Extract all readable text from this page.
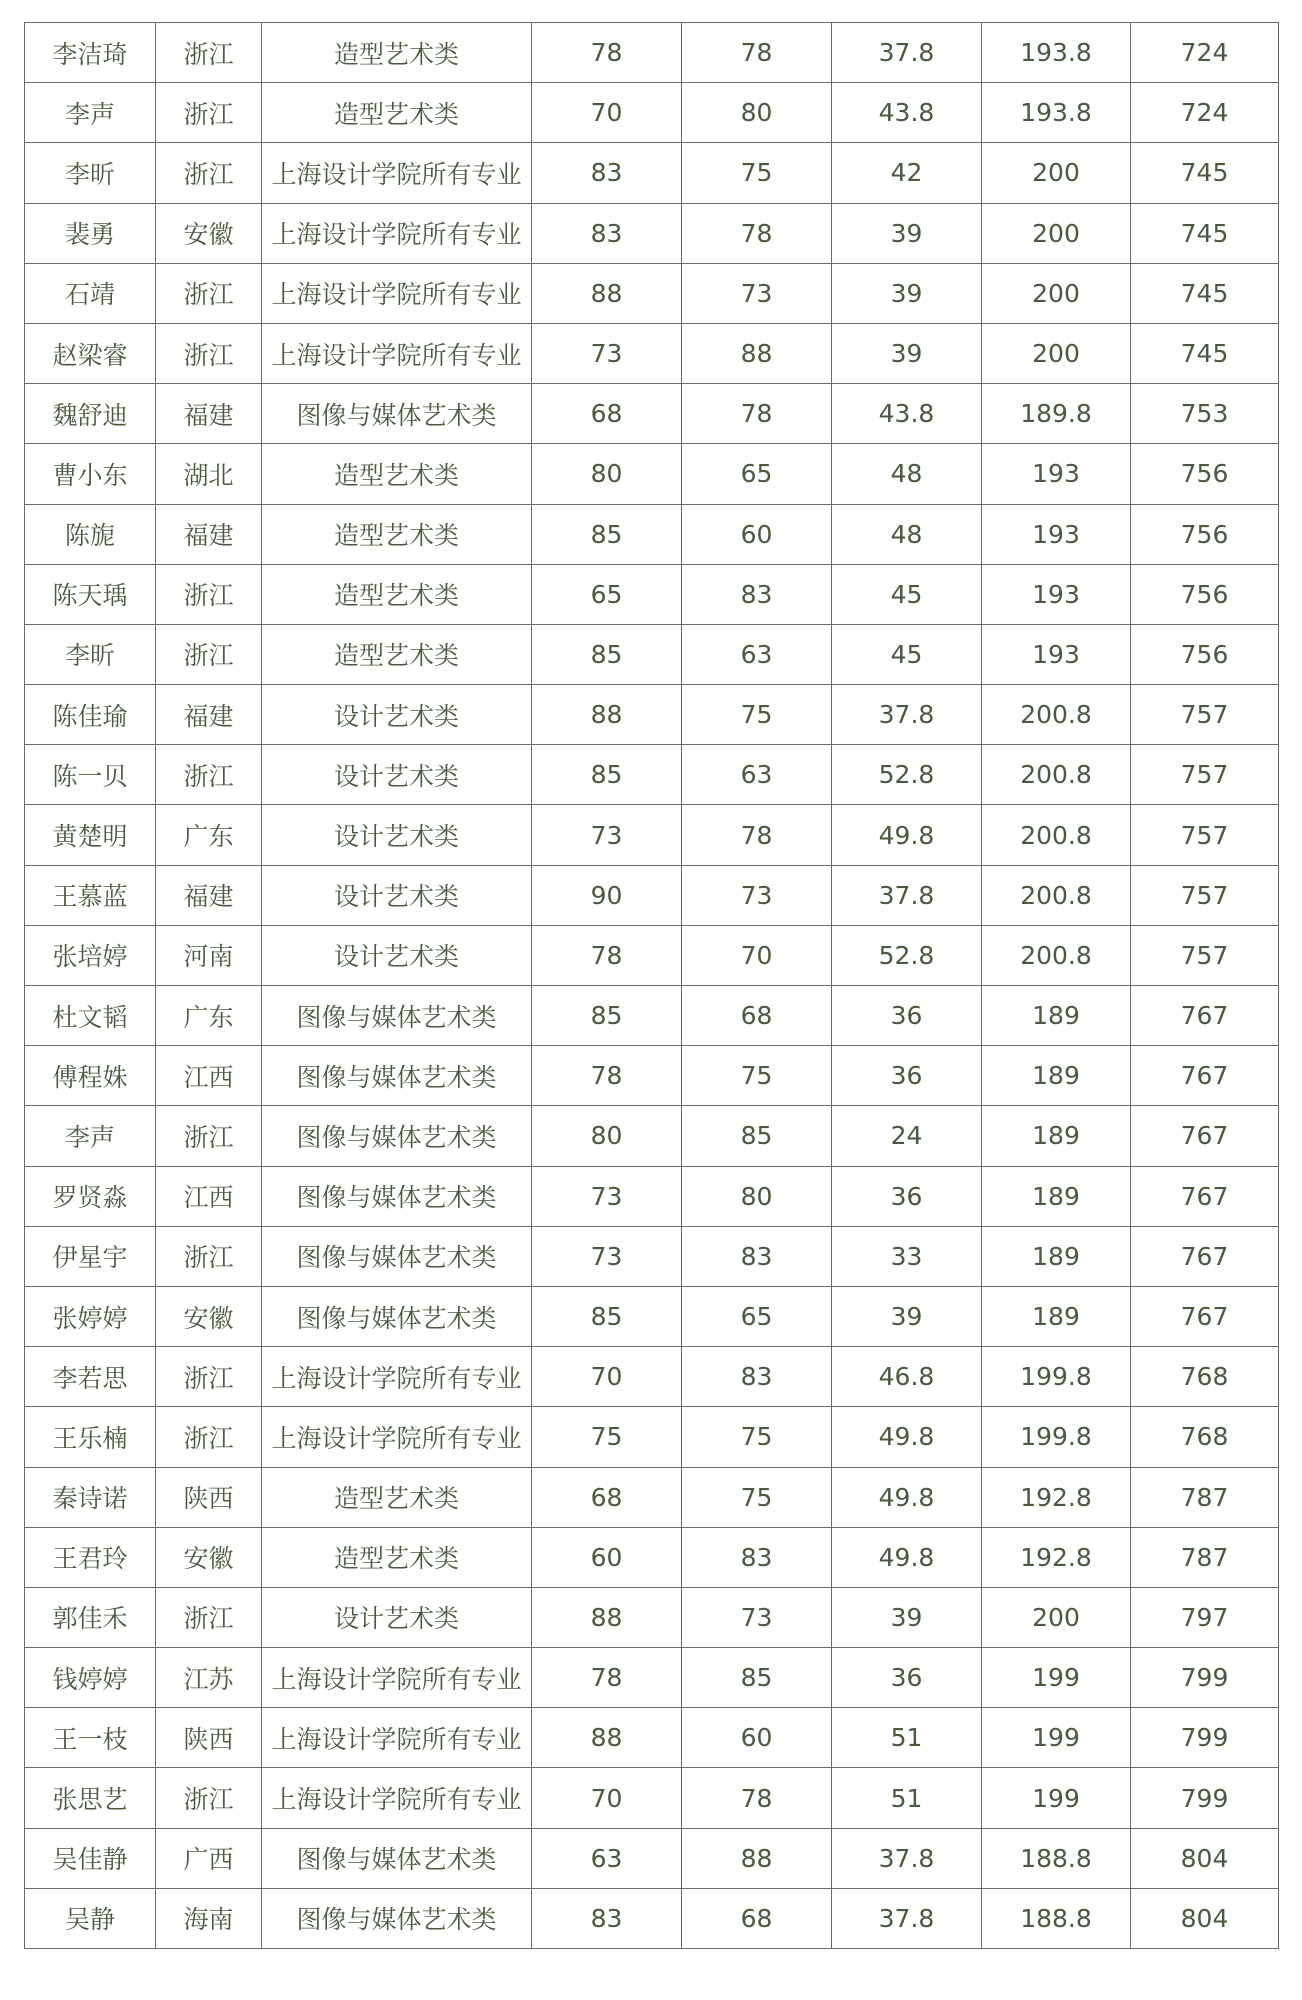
李洁琦	浙江	造型艺术类	78	78	37.8	193.8	724
李声	浙江	造型艺术类	70	80	43.8	193.8	724
李昕	浙江	上海设计学院所有专业	83	75	42	200	745
裴勇	安徽	上海设计学院所有专业	83	78	39	200	745
石靖	浙江	上海设计学院所有专业	88	73	39	200	745
赵梁睿	浙江	上海设计学院所有专业	73	88	39	200	745
魏舒迪	福建	图像与媒体艺术类	68	78	43.8	189.8	753
曹小东	湖北	造型艺术类	80	65	48	193	756
陈旎	福建	造型艺术类	85	60	48	193	756
陈天瑀	浙江	造型艺术类	65	83	45	193	756
李昕	浙江	造型艺术类	85	63	45	193	756
陈佳瑜	福建	设计艺术类	88	75	37.8	200.8	757
陈一贝	浙江	设计艺术类	85	63	52.8	200.8	757
黄楚明	广东	设计艺术类	73	78	49.8	200.8	757
王慕蓝	福建	设计艺术类	90	73	37.8	200.8	757
张培婷	河南	设计艺术类	78	70	52.8	200.8	757
杜文韬	广东	图像与媒体艺术类	85	68	36	189	767
傅程姝	江西	图像与媒体艺术类	78	75	36	189	767
李声	浙江	图像与媒体艺术类	80	85	24	189	767
罗贤淼	江西	图像与媒体艺术类	73	80	36	189	767
伊星宇	浙江	图像与媒体艺术类	73	83	33	189	767
张婷婷	安徽	图像与媒体艺术类	85	65	39	189	767
李若思	浙江	上海设计学院所有专业	70	83	46.8	199.8	768
王乐楠	浙江	上海设计学院所有专业	75	75	49.8	199.8	768
秦诗诺	陕西	造型艺术类	68	75	49.8	192.8	787
王君玲	安徽	造型艺术类	60	83	49.8	192.8	787
郭佳禾	浙江	设计艺术类	88	73	39	200	797
钱婷婷	江苏	上海设计学院所有专业	78	85	36	199	799
王一枝	陕西	上海设计学院所有专业	88	60	51	199	799
张思艺	浙江	上海设计学院所有专业	70	78	51	199	799
吴佳静	广西	图像与媒体艺术类	63	88	37.8	188.8	804
吴静	海南	图像与媒体艺术类	83	68	37.8	188.8	804
